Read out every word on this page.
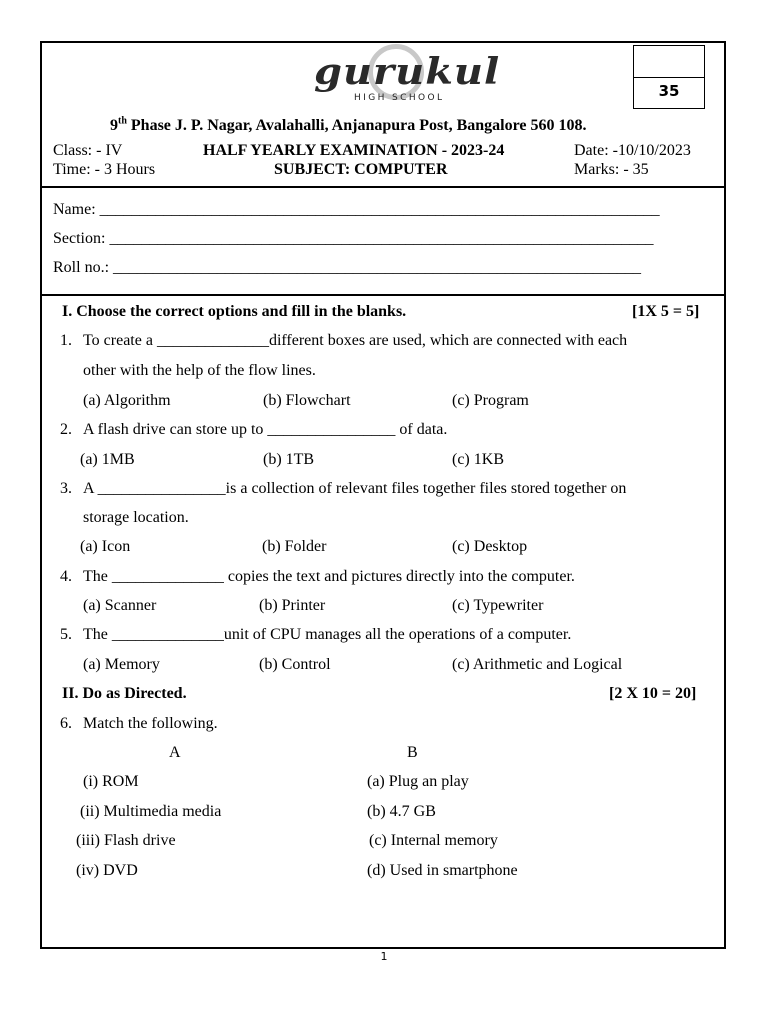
gurukul
HIGH SCHOOL	35
9th Phase J. P. Nagar, Avalahalli, Anjanapura Post, Bangalore 560 108.
Class: - IV	HALF YEARLY EXAMINATION - 2023-24	Date: -10/10/2023
Time: - 3 Hours	SUBJECT: COMPUTER	Marks: - 35
Name: ______________________________________________________________________
Section: ____________________________________________________________________
Roll no.: __________________________________________________________________
I. Choose the correct options and fill in the blanks.	[1X 5 = 5]
1. To create a ______________different boxes are used, which are connected with each
other with the help of the flow lines.
(a) Algorithm	(b) Flowchart	(c) Program
2. A flash drive can store up to ________________ of data.
(a) 1MB	(b) 1TB	(c) 1KB
3. A ________________is a collection of relevant files together files stored together on
storage location.
(a) Icon	(b) Folder	(c) Desktop
4. The ______________ copies the text and pictures directly into the computer.
(a) Scanner	(b) Printer	(c) Typewriter
5. The ______________unit of CPU manages all the operations of a computer.
(a) Memory	(b) Control	(c) Arithmetic and Logical
II. Do as Directed.	[2 X 10 = 20]
6. Match the following.
A	B
(i) ROM	(a) Plug an play
(ii) Multimedia media	(b) 4.7 GB
(iii) Flash drive	(c) Internal memory
(iv) DVD	(d) Used in smartphone
1
